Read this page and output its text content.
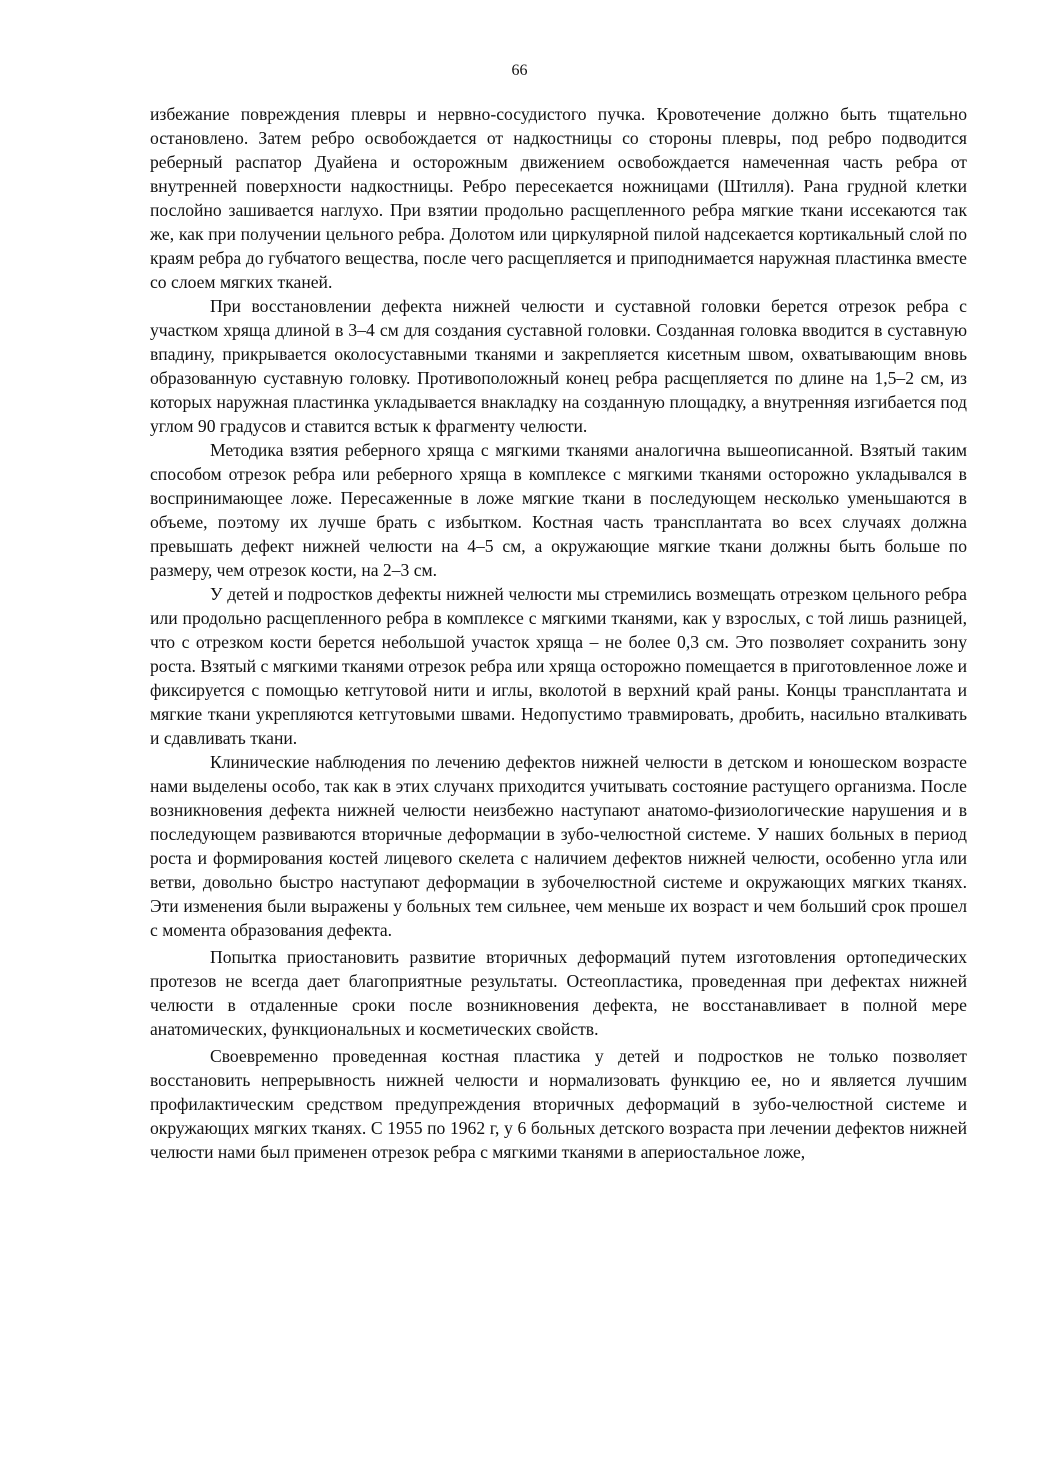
66

избежание повреждения плевры и нервно-сосудистого пучка. Кровотечение должно быть тщательно остановлено. Затем ребро освобождается от надкостницы со стороны плевры, под ребро подводится реберный распатор Дуайена и осторожным движением освобождается намеченная часть ребра от внутренней поверхности надкостницы. Ребро пересекается ножницами (Штилля). Рана грудной клетки послойно зашивается наглухо. При взятии продольно расщепленного ребра мягкие ткани иссекаются так же, как при получении цельного ребра. Долотом или циркулярной пилой надсекается кортикальный слой по краям ребра до губчатого вещества, после чего расщепляется и приподнимается наружная пластинка вместе со слоем мягких тканей.

При восстановлении дефекта нижней челюсти и суставной головки берется отрезок ребра с участком хряща длиной в 3–4 см для создания суставной головки. Созданная головка вводится в суставную впадину, прикрывается околосуставными тканями и закрепляется кисетным швом, охватывающим вновь образованную суставную головку. Противоположный конец ребра расщепляется по длине на 1,5–2 см, из которых наружная пластинка укладывается внакладку на созданную площадку, а внутренняя изгибается под углом 90 градусов и ставится встык к фрагменту челюсти.

Методика взятия реберного хряща с мягкими тканями аналогична вышеописанной. Взятый таким способом отрезок ребра или реберного хряща в комплексе с мягкими тканями осторожно укладывался в воспринимающее ложе. Пересаженные в ложе мягкие ткани в последующем несколько уменьшаются в объеме, поэтому их лучше брать с избытком. Костная часть трансплантата во всех случаях должна превышать дефект нижней челюсти на 4–5 см, а окружающие мягкие ткани должны быть больше по размеру, чем отрезок кости, на 2–3 см.

У детей и подростков дефекты нижней челюсти мы стремились возмещать отрезком цельного ребра или продольно расщепленного ребра в комплексе с мягкими тканями, как у взрослых, с той лишь разницей, что с отрезком кости берется небольшой участок хряща – не более 0,3 см. Это позволяет сохранить зону роста. Взятый с мягкими тканями отрезок ребра или хряща осторожно помещается в приготовленное ложе и фиксируется с помощью кетгутовой нити и иглы, вколотой в верхний край раны. Концы трансплантата и мягкие ткани укрепляются кетгутовыми швами. Недопустимо травмировать, дробить, насильно вталкивать и сдавливать ткани.

Клинические наблюдения по лечению дефектов нижней челюсти в детском и юношеском возрасте нами выделены особо, так как в этих случанх приходится учитывать состояние растущего организма. После возникновения дефекта нижней челюсти неизбежно наступают анатомо-физиологические нарушения и в последующем развиваются вторичные деформации в зубо-челюстной системе. У наших больных в период роста и формирования костей лицевого скелета с наличием дефектов нижней челюсти, особенно угла или ветви, довольно быстро наступают деформации в зубочелюстной системе и окружающих мягких тканях. Эти изменения были выражены у больных тем сильнее, чем меньше их возраст и чем больший срок прошел с момента образования дефекта.

Попытка приостановить развитие вторичных деформаций путем изготовления ортопедических протезов не всегда дает благоприятные результаты. Остеопластика, проведенная при дефектах нижней челюсти в отдаленные сроки после возникновения дефекта, не восстанавливает в полной мере анатомических, функциональных и косметических свойств.

Своевременно проведенная костная пластика у детей и подростков не только позволяет восстановить непрерывность нижней челюсти и нормализовать функцию ее, но и является лучшим профилактическим средством предупреждения вторичных деформаций в зубо-челюстной системе и окружающих мягких тканях. С 1955 по 1962 г, у 6 больных детского возраста при лечении дефектов нижней челюсти нами был применен отрезок ребра с мягкими тканями в апериостальное ложе,
